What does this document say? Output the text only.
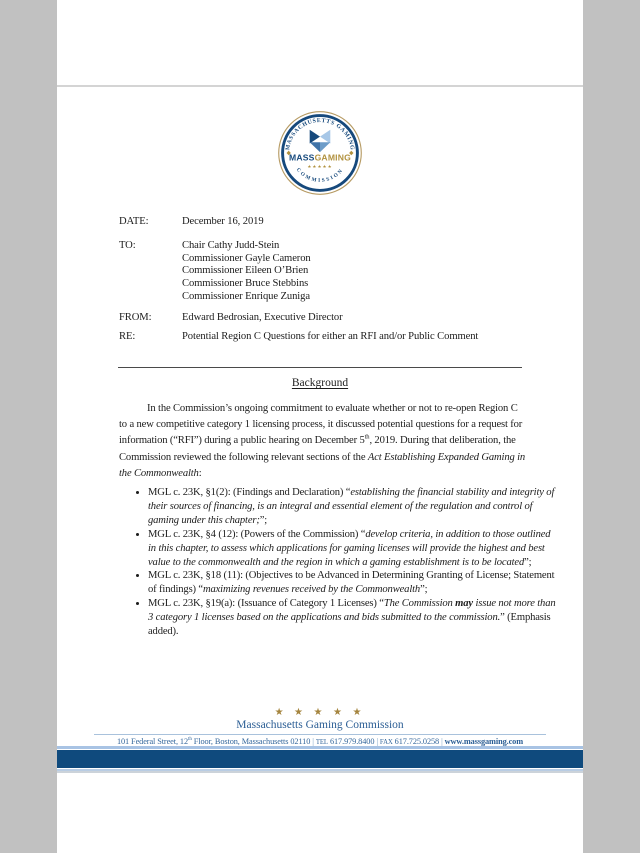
MASSACHUSETTS GAMING
COMMISSION
MASSGAMING
★★★★★
DATE:	December 16, 2019
TO:	Chair Cathy Judd-Stein
Commissioner Gayle Cameron
Commissioner Eileen O’Brien
Commissioner Bruce Stebbins
Commissioner Enrique Zuniga
FROM:	Edward Bedrosian, Executive Director
RE:	Potential Region C Questions for either an RFI and/or Public Comment
Background

In the Commission’s ongoing commitment to evaluate whether or not to re-open Region C to a new competitive category 1 licensing process, it discussed potential questions for a request for information (“RFI”) during a public hearing on December 5th, 2019. During that deliberation, the Commission reviewed the following relevant sections of the Act Establishing Expanded Gaming in the Commonwealth:

• MGL c. 23K, §1(2): (Findings and Declaration) “establishing the financial stability and integrity of their sources of financing, is an integral and essential element of the regulation and control of gaming under this chapter;”;
• MGL c. 23K, §4 (12): (Powers of the Commission) “develop criteria, in addition to those outlined in this chapter, to assess which applications for gaming licenses will provide the highest and best value to the commonwealth and the region in which a gaming establishment is to be located”;
• MGL c. 23K, §18 (11): (Objectives to be Advanced in Determining Granting of License; Statement of findings) “maximizing revenues received by the Commonwealth”;
• MGL c. 23K, §19(a): (Issuance of Category 1 Licenses) “The Commission may issue not more than 3 category 1 licenses based on the applications and bids submitted to the commission.” (Emphasis added).
★ ★ ★ ★ ★
Massachusetts Gaming Commission
101 Federal Street, 12th Floor, Boston, Massachusetts 02110 | TEL 617.979.8400 | FAX 617.725.0258 | www.massgaming.com
